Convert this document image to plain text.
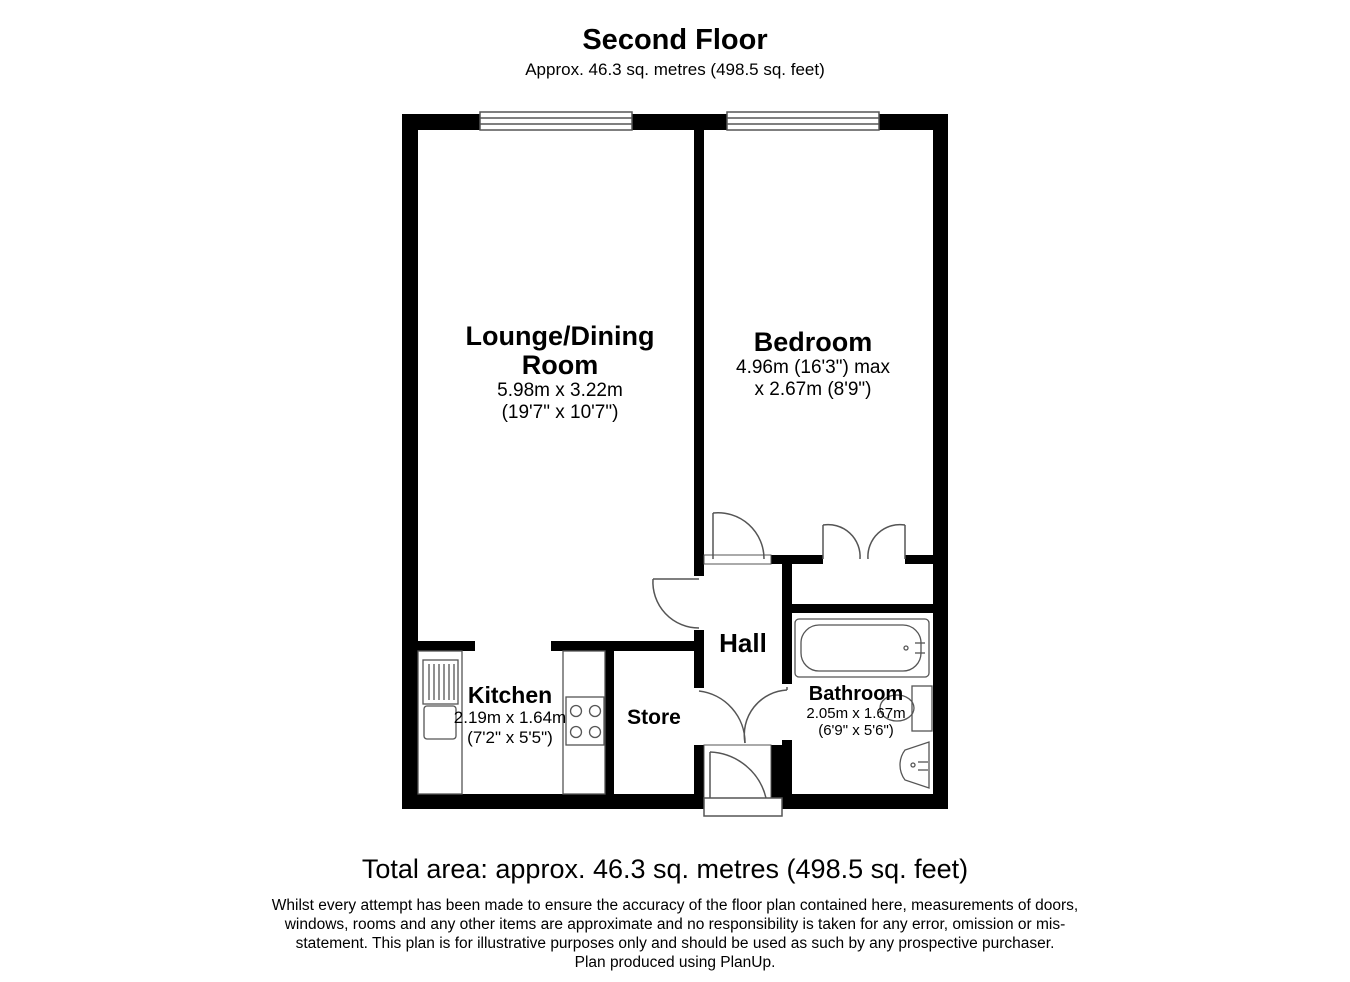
Second Floor
Approx. 46.3 sq. metres (498.5 sq. feet)
Lounge/Dining
Room
5.98m x 3.22m
(19'7" x 10'7")
Bedroom
4.96m (16'3") max
x 2.67m (8'9")
Hall
Kitchen
2.19m x 1.64m
(7'2" x 5'5")
Store
Bathroom
2.05m x 1.67m
(6'9" x 5'6")
Total area: approx. 46.3 sq. metres (498.5 sq. feet)
Whilst every attempt has been made to ensure the accuracy of the floor plan contained here, measurements of doors,
windows, rooms and any other items are approximate and no responsibility is taken for any error, omission or mis-
statement. This plan is for illustrative purposes only and should be used as such by any prospective purchaser.
Plan produced using PlanUp.
